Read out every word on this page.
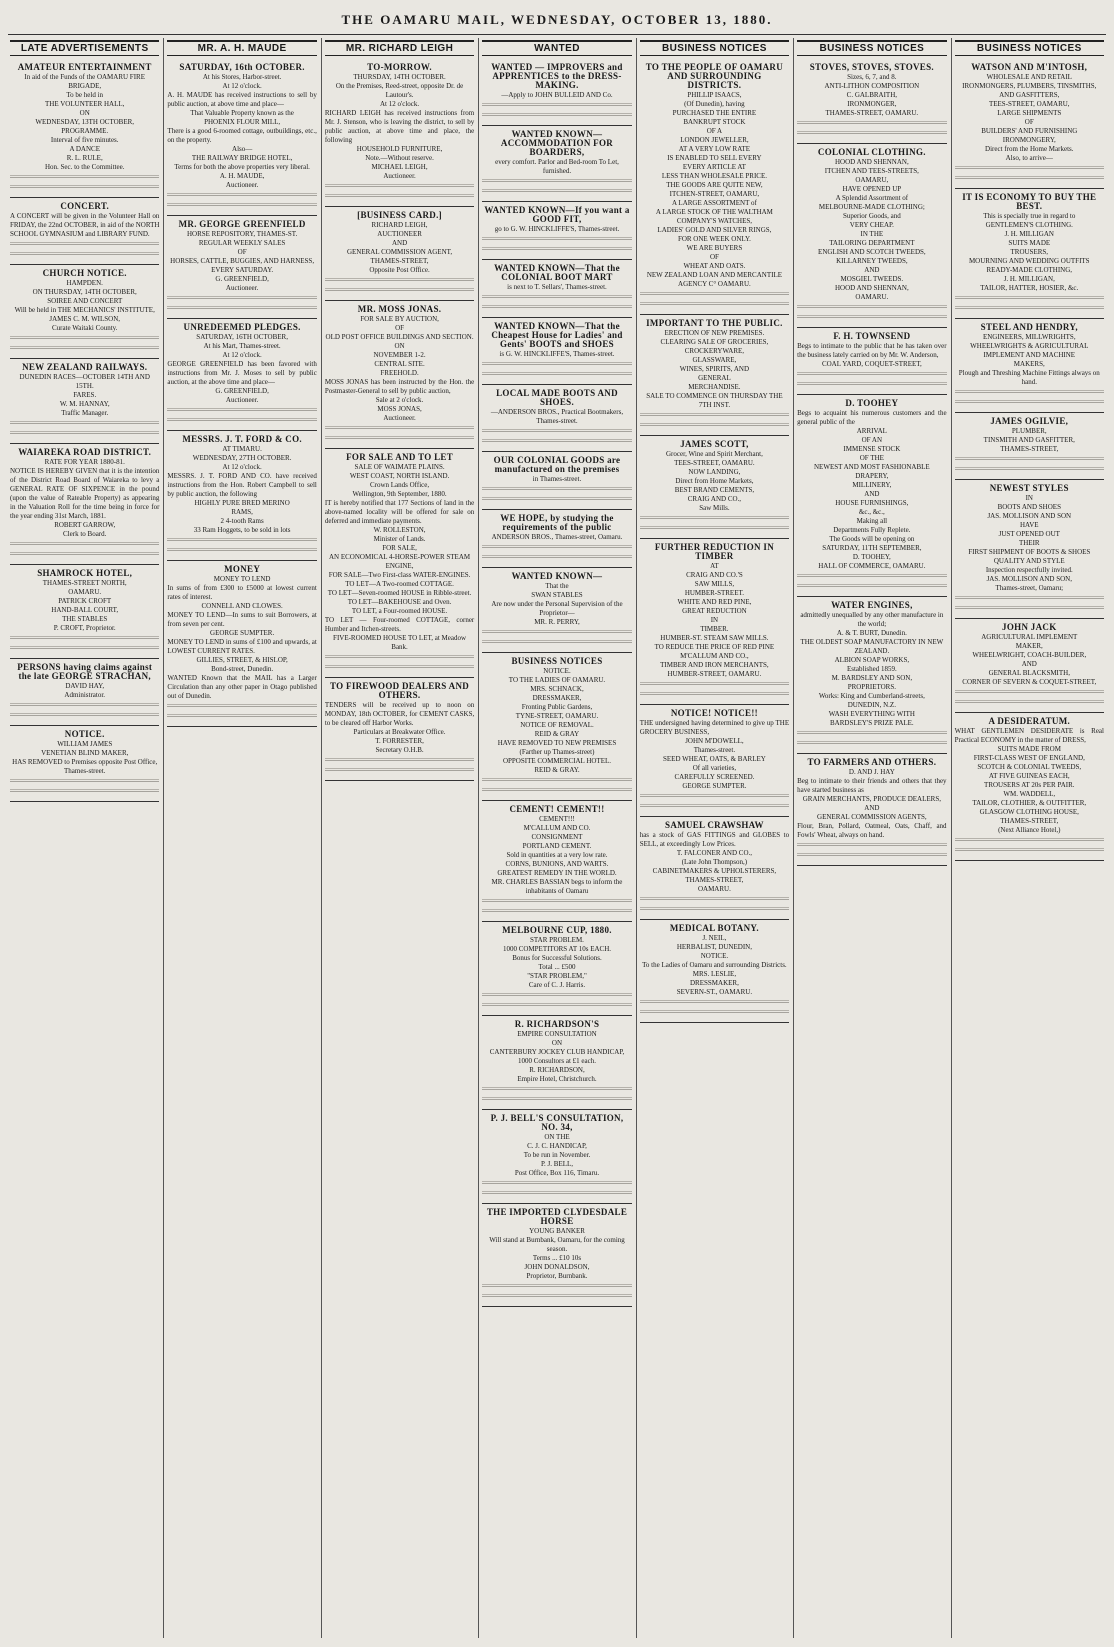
THE OAMARU MAIL, WEDNESDAY, OCTOBER 13, 1880.
LATE ADVERTISEMENTS
AMATEUR ENTERTAINMENT
In aid of the Funds of the OAMARU FIRE BRIGADE,
To be held in
THE VOLUNTEER HALL,
ON
WEDNESDAY, 13TH OCTOBER,
PROGRAMME.
Interval of five minutes.
A DANCE
R. L. RULE,
Hon. Sec. to the Committee.
CONCERT.
A CONCERT will be given in the Volunteer Hall on FRIDAY, the 22nd OCTOBER, in aid of the NORTH SCHOOL GYMNASIUM and LIBRARY FUND.
CHURCH NOTICE.
HAMPDEN.
ON THURSDAY, 14TH OCTOBER,
SOIREE AND CONCERT
Will be held in THE MECHANICS' INSTITUTE,
JAMES C. M. WILSON,
Curate Waitaki County.
NEW ZEALAND RAILWAYS.
DUNEDIN RACES—OCTOBER 14TH AND 15TH.
FARES.
W. M. HANNAY,
Traffic Manager.
WAIAREKA ROAD DISTRICT.
RATE FOR YEAR 1880-81.
NOTICE IS HEREBY GIVEN that it is the intention of the District Road Board of Waiareka to levy a GENERAL RATE OF SIXPENCE in the pound (upon the value of Rateable Property) as appearing in the Valuation Roll for the time being in force for the year ending 31st March, 1881.
ROBERT GARROW,
Clerk to Board.
SHAMROCK HOTEL,
THAMES-STREET NORTH,
OAMARU.
PATRICK CROFT
HAND-BALL COURT,
THE STABLES
P. CROFT, Proprietor.
PERSONS having claims against the late GEORGE STRACHAN,
DAVID HAY,
Administrator.
NOTICE.
WILLIAM JAMES
VENETIAN BLIND MAKER,
HAS REMOVED to Premises opposite Post Office, Thames-street.
MR. A. H. MAUDE
SATURDAY, 16th OCTOBER.
At his Stores, Harbor-street.
At 12 o'clock.
A. H. MAUDE has received instructions to sell by public auction, at above time and place—
That Valuable Property known as the
PHOENIX FLOUR MILL,
There is a good 6-roomed cottage, outbuildings, etc., on the property.
Also—
THE RAILWAY BRIDGE HOTEL,
Terms for both the above properties very liberal.
A. H. MAUDE,
Auctioneer.
MR. GEORGE GREENFIELD
HORSE REPOSITORY, THAMES-ST.
REGULAR WEEKLY SALES
OF
HORSES, CATTLE, BUGGIES, AND HARNESS,
EVERY SATURDAY.
G. GREENFIELD,
Auctioneer.
UNREDEEMED PLEDGES.
SATURDAY, 16TH OCTOBER,
At his Mart, Thames-street.
At 12 o'clock.
GEORGE GREENFIELD has been favored with instructions from Mr. J. Moses to sell by public auction, at the above time and place—
G. GREENFIELD,
Auctioneer.
MESSRS. J. T. FORD & CO.
AT TIMARU.
WEDNESDAY, 27TH OCTOBER.
At 12 o'clock.
MESSRS. J. T. FORD AND CO. have received instructions from the Hon. Robert Campbell to sell by public auction, the following
HIGHLY PURE BRED MERINO
RAMS,
2 4-tooth Rams
33 Ram Hoggets, to be sold in lots
MONEY
MONEY TO LEND
In sums of from £300 to £5000 at lowest current rates of interest.
CONNELL AND CLOWES.
MONEY TO LEND—In sums to suit Borrowers, at from seven per cent.
GEORGE SUMPTER.
MONEY TO LEND in sums of £100 and upwards, at LOWEST CURRENT RATES.
GILLIES, STREET, & HISLOP,
Bond-street, Dunedin.
WANTED Known that the MAIL has a Larger Circulation than any other paper in Otago published out of Dunedin.
MR. RICHARD LEIGH
TO-MORROW.
THURSDAY, 14TH OCTOBER.
On the Premises, Reed-street, opposite Dr. de Lautour's.
At 12 o'clock.
RICHARD LEIGH has received instructions from Mr. J. Stenson, who is leaving the district, to sell by public auction, at above time and place, the following
HOUSEHOLD FURNITURE,
Note.—Without reserve.
MICHAEL LEIGH,
Auctioneer.
[BUSINESS CARD.]
RICHARD LEIGH,
AUCTIONEER
AND
GENERAL COMMISSION AGENT,
THAMES-STREET,
Opposite Post Office.
MR. MOSS JONAS.
FOR SALE BY AUCTION,
OF
OLD POST OFFICE BUILDINGS AND SECTION.
ON
NOVEMBER 1-2.
CENTRAL SITE.
FREEHOLD.
MOSS JONAS has been instructed by the Hon. the Postmaster-General to sell by public auction,
Sale at 2 o'clock.
MOSS JONAS,
Auctioneer.
FOR SALE AND TO LET
SALE OF WAIMATE PLAINS.
WEST COAST, NORTH ISLAND.
Crown Lands Office,
Wellington, 9th September, 1880.
IT is hereby notified that 177 Sections of land in the above-named locality will be offered for sale on deferred and immediate payments.
W. ROLLESTON,
Minister of Lands.
FOR SALE,
AN ECONOMICAL 4-HORSE-POWER STEAM ENGINE,
FOR SALE—Two First-class WATER-ENGINES.
TO LET—A Two-roomed COTTAGE.
TO LET—Seven-roomed HOUSE in Ribble-street.
TO LET—BAKEHOUSE and Oven.
TO LET, a Four-roomed HOUSE.
TO LET — Four-roomed COTTAGE, corner Humber and Itchen-streets.
FIVE-ROOMED HOUSE TO LET, at Meadow Bank.
TO FIREWOOD DEALERS AND OTHERS.
TENDERS will be received up to noon on MONDAY, 18th OCTOBER, for CEMENT CASKS, to be cleared off Harbor Works.
Particulars at Breakwater Office.
T. FORRESTER,
Secretary O.H.B.
WANTED
WANTED — IMPROVERS and APPRENTICES to the DRESS-MAKING.
—Apply to JOHN BULLEID AND Co.
WANTED KNOWN—ACCOMMODATION FOR BOARDERS,
every comfort. Parlor and Bed-room To Let, furnished.
WANTED KNOWN—If you want a GOOD FIT,
go to G. W. HINCKLIFFE'S, Thames-street.
WANTED KNOWN—That the COLONIAL BOOT MART
is next to T. Sellars', Thames-street.
WANTED KNOWN—That the Cheapest House for Ladies' and Gents' BOOTS and SHOES
is G. W. HINCKLIFFE'S, Thames-street.
LOCAL MADE BOOTS AND SHOES.
—ANDERSON BROS., Practical Bootmakers, Thames-street.
OUR COLONIAL GOODS are manufactured on the premises
in Thames-street.
WE HOPE, by studying the requirements of the public
ANDERSON BROS., Thames-street, Oamaru.
WANTED KNOWN—
That the
SWAN STABLES
Are now under the Personal Supervision of the Proprietor—
MR. R. PERRY,
BUSINESS NOTICES
NOTICE.
TO THE LADIES OF OAMARU.
MRS. SCHNACK,
DRESSMAKER,
Fronting Public Gardens,
TYNE-STREET, OAMARU.
NOTICE OF REMOVAL.
REID & GRAY
HAVE REMOVED TO NEW PREMISES
(Farther up Thames-street)
OPPOSITE COMMERCIAL HOTEL.
REID & GRAY.
CEMENT! CEMENT!!
CEMENT!!!
M'CALLUM AND CO.
CONSIGNMENT
PORTLAND CEMENT.
Sold in quantities at a very low rate.
CORNS, BUNIONS, AND WARTS.
GREATEST REMEDY IN THE WORLD.
MR. CHARLES BASSIAN begs to inform the inhabitants of Oamaru
MELBOURNE CUP, 1880.
STAR PROBLEM.
1000 COMPETITORS AT 10s EACH.
Bonus for Successful Solutions.
Total ... £500
"STAR PROBLEM,"
Care of C. J. Harris.
R. RICHARDSON'S
EMPIRE CONSULTATION
ON
CANTERBURY JOCKEY CLUB HANDICAP,
1000 Consultors at £1 each.
R. RICHARDSON,
Empire Hotel, Christchurch.
P. J. BELL'S CONSULTATION, NO. 34,
ON THE
C. J. C. HANDICAP,
To be run in November.
P. J. BELL,
Post Office, Box 116, Timaru.
THE IMPORTED CLYDESDALE HORSE
YOUNG BANKER
Will stand at Burnbank, Oamaru, for the coming season.
Terms ... £10 10s
JOHN DONALDSON,
Proprietor, Burnbank.
BUSINESS NOTICES
TO THE PEOPLE OF OAMARU AND SURROUNDING DISTRICTS.
PHILLIP ISAACS,
(Of Dunedin), having
PURCHASED THE ENTIRE
BANKRUPT STOCK
OF A
LONDON JEWELLER,
AT A VERY LOW RATE
IS ENABLED TO SELL EVERY
EVERY ARTICLE AT
LESS THAN WHOLESALE PRICE.
THE GOODS ARE QUITE NEW,
ITCHEN-STREET, OAMARU,
A LARGE ASSORTMENT of
A LARGE STOCK OF THE WALTHAM COMPANY'S WATCHES,
LADIES' GOLD AND SILVER RINGS,
FOR ONE WEEK ONLY.
WE ARE BUYERS
OF
WHEAT AND OATS.
NEW ZEALAND LOAN AND MERCANTILE AGENCY C° OAMARU.
IMPORTANT TO THE PUBLIC.
ERECTION OF NEW PREMISES.
CLEARING SALE OF GROCERIES,
CROCKERYWARE,
GLASSWARE,
WINES, SPIRITS, AND
GENERAL
MERCHANDISE.
SALE TO COMMENCE ON THURSDAY THE 7TH INST.
JAMES SCOTT,
Grocer, Wine and Spirit Merchant,
TEES-STREET, OAMARU.
NOW LANDING,
Direct from Home Markets,
BEST BRAND CEMENTS,
CRAIG AND CO.,
Saw Mills.
FURTHER REDUCTION IN TIMBER
AT
CRAIG AND CO.'S
SAW MILLS,
HUMBER-STREET.
WHITE AND RED PINE,
GREAT REDUCTION
IN
TIMBER.
HUMBER-ST. STEAM SAW MILLS.
TO REDUCE THE PRICE OF RED PINE
M'CALLUM AND CO.,
TIMBER AND IRON MERCHANTS,
HUMBER-STREET, OAMARU.
NOTICE! NOTICE!!
THE undersigned having determined to give up THE GROCERY BUSINESS,
JOHN M'DOWELL,
Thames-street.
SEED WHEAT, OATS, & BARLEY
Of all varieties,
CAREFULLY SCREENED.
GEORGE SUMPTER.
SAMUEL CRAWSHAW
has a stock of GAS FITTINGS and GLOBES to SELL, at exceedingly Low Prices.
T. FALCONER AND CO.,
(Late John Thompson,)
CABINETMAKERS & UPHOLSTERERS,
THAMES-STREET,
OAMARU.
MEDICAL BOTANY.
J. NEIL,
HERBALIST, DUNEDIN,
NOTICE.
To the Ladies of Oamaru and surrounding Districts.
MRS. LESLIE,
DRESSMAKER,
SEVERN-ST., OAMARU.
BUSINESS NOTICES
STOVES, STOVES, STOVES.
Sizes, 6, 7, and 8.
ANTI-LITHON COMPOSITION
C. GALBRAITH,
IRONMONGER,
THAMES-STREET, OAMARU.
COLONIAL CLOTHING.
HOOD AND SHENNAN,
ITCHEN AND TEES-STREETS,
OAMARU,
HAVE OPENED UP
A Splendid Assortment of
MELBOURNE-MADE CLOTHING;
Superior Goods, and
VERY CHEAP.
IN THE
TAILORING DEPARTMENT
ENGLISH AND SCOTCH TWEEDS,
KILLARNEY TWEEDS,
AND
MOSGIEL TWEEDS.
HOOD AND SHENNAN,
OAMARU.
F. H. TOWNSEND
Begs to intimate to the public that he has taken over the business lately carried on by Mr. W. Anderson,
COAL YARD, COQUET-STREET,
D. TOOHEY
Begs to acquaint his numerous customers and the general public of the
ARRIVAL
OF AN
IMMENSE STOCK
OF THE
NEWEST AND MOST FASHIONABLE
DRAPERY,
MILLINERY,
AND
HOUSE FURNISHINGS,
&c., &c.,
Making all
Departments Fully Replete.
The Goods will be opening on
SATURDAY, 11TH SEPTEMBER,
D. TOOHEY,
HALL OF COMMERCE, OAMARU.
WATER ENGINES,
admittedly unequalled by any other manufacture in the world;
A. & T. BURT, Dunedin.
THE OLDEST SOAP MANUFACTORY IN NEW ZEALAND.
ALBION SOAP WORKS,
Established 1859.
M. BARDSLEY AND SON,
PROPRIETORS.
Works: King and Cumberland-streets,
DUNEDIN, N.Z.
WASH EVERYTHING WITH
BARDSLEY'S PRIZE PALE.
TO FARMERS AND OTHERS.
D. AND J. HAY
Beg to intimate to their friends and others that they have started business as
GRAIN MERCHANTS, PRODUCE DEALERS,
AND
GENERAL COMMISSION AGENTS,
Flour, Bran, Pollard, Oatmeal, Oats, Chaff, and Fowls' Wheat, always on hand.
BUSINESS NOTICES
WATSON AND M'INTOSH,
WHOLESALE AND RETAIL
IRONMONGERS, PLUMBERS, TINSMITHS, AND GASFITTERS,
TEES-STREET, OAMARU,
LARGE SHIPMENTS
OF
BUILDERS' AND FURNISHING IRONMONGERY,
Direct from the Home Markets.
Also, to arrive—
IT IS ECONOMY TO BUY THE BEST.
This is specially true in regard to
GENTLEMEN'S CLOTHING.
J. H. MILLIGAN
SUITS MADE
TROUSERS,
MOURNING AND WEDDING OUTFITS
READY-MADE CLOTHING,
J. H. MILLIGAN,
TAILOR, HATTER, HOSIER, &c.
STEEL AND HENDRY,
ENGINEERS, MILLWRIGHTS,
WHEELWRIGHTS & AGRICULTURAL
IMPLEMENT AND MACHINE
MAKERS,
Plough and Threshing Machine Fittings always on hand.
JAMES OGILVIE,
PLUMBER,
TINSMITH AND GASFITTER,
THAMES-STREET,
NEWEST STYLES
IN
BOOTS AND SHOES
JAS. MOLLISON AND SON
HAVE
JUST OPENED OUT
THEIR
FIRST SHIPMENT OF BOOTS & SHOES
QUALITY AND STYLE
Inspection respectfully invited.
JAS. MOLLISON AND SON,
Thames-street, Oamaru;
JOHN JACK
AGRICULTURAL IMPLEMENT
MAKER,
WHEELWRIGHT, COACH-BUILDER,
AND
GENERAL BLACKSMITH,
CORNER OF SEVERN & COQUET-STREET,
A DESIDERATUM.
WHAT GENTLEMEN DESIDERATE is Real Practical ECONOMY in the matter of DRESS,
SUITS MADE FROM
FIRST-CLASS WEST OF ENGLAND,
SCOTCH & COLONIAL TWEEDS,
AT FIVE GUINEAS EACH,
TROUSERS AT 20s PER PAIR.
WM. WADDELL,
TAILOR, CLOTHIER, & OUTFITTER,
GLASGOW CLOTHING HOUSE,
THAMES-STREET,
(Next Alliance Hotel,)
